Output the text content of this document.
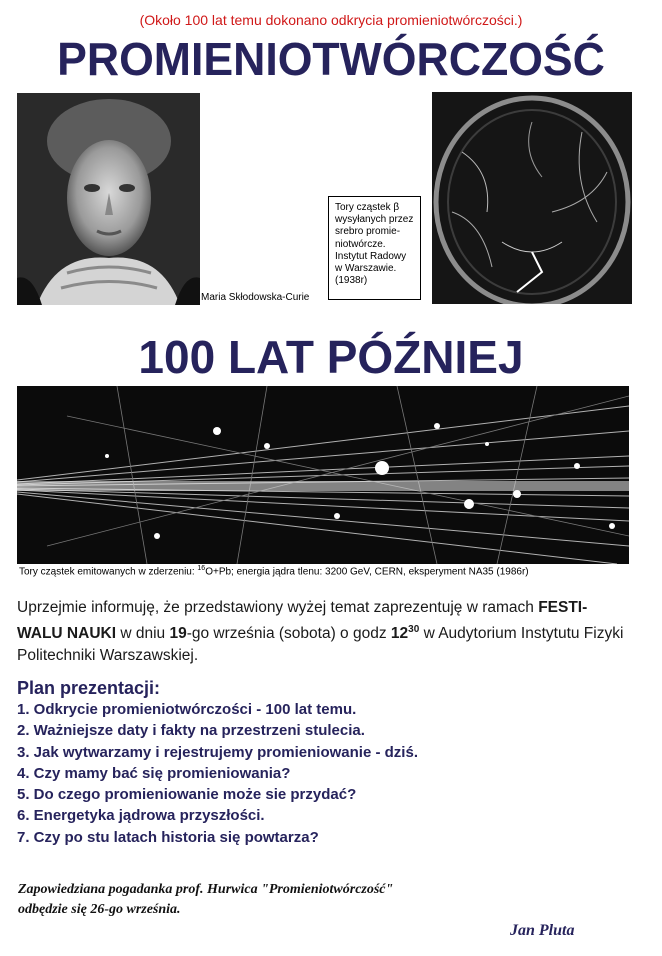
(Około 100 lat temu dokonano odkrycia promieniotwórczości.)
PROMIENIOTWÓRCZOŚĆ
Maria Skłodowska-Curie
Tory cząstek β
wysyłanych przez
srebro promie-
niotwórcze.
Instytut Radowy
w Warszawie.
(1938r)
100 LAT PÓŹNIEJ
Tory cząstek emitowanych w zderzeniu: $^{16}$O+Pb; energia jądra tlenu: 3200 GeV, CERN, eksperyment NA35 (1986r)
Uprzejmie informuję, że przedstawiony wyżej temat zaprezentuję w ramach FESTI-
WALU NAUKI w dniu 19-go września (sobota) o godz $12^{30}$ w Audytorium Instytutu Fizyki Politechniki Warszawskiej.
Plan prezentacji:
1. Odkrycie promieniotwórczości - 100 lat temu.
2. Ważniejsze daty i fakty na przestrzeni stulecia.
3. Jak wytwarzamy i rejestrujemy promieniowanie - dziś.
4. Czy mamy bać się promieniowania?
5. Do czego promieniowanie może sie przydać?
6. Energetyka jądrowa przyszłości.
7. Czy po stu latach historia się powtarza?
Zapowiedziana pogadanka prof. Hurwica "Promieniotwórczość"
odbędzie się 26-go września.
Jan Pluta
